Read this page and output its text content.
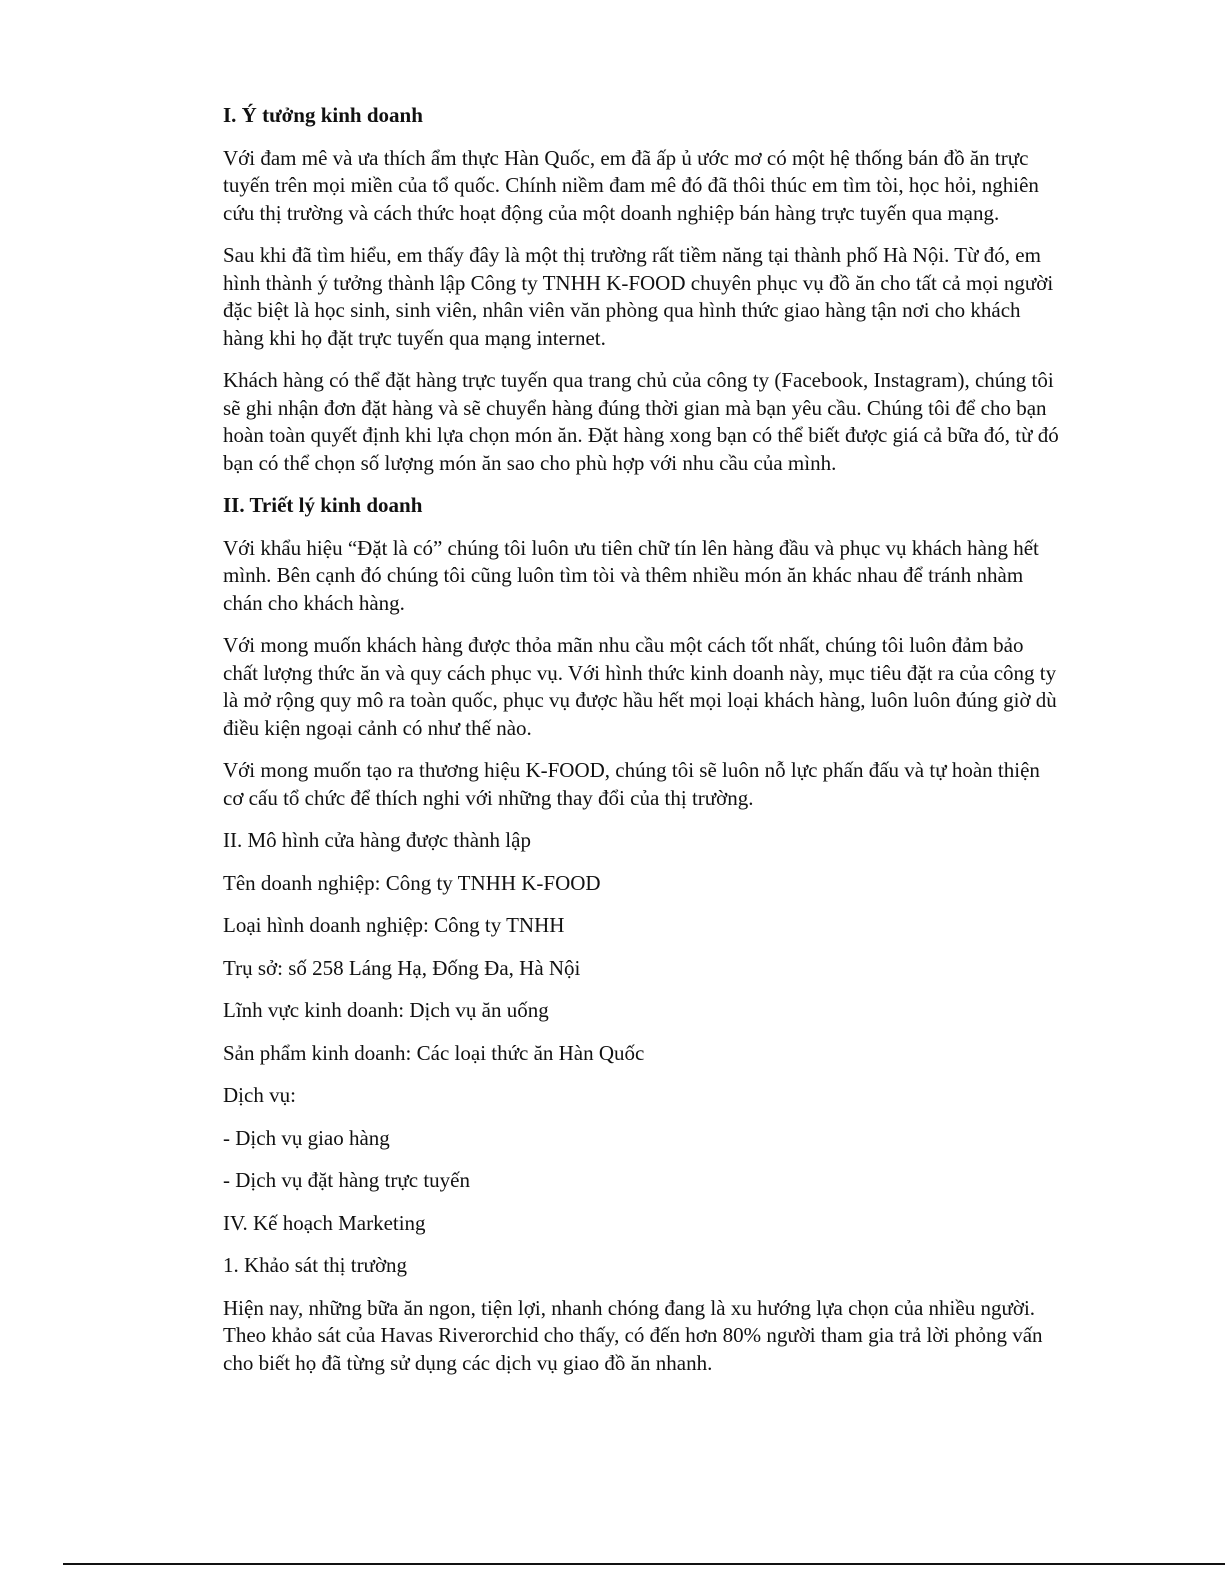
I. Ý tưởng kinh doanh

Với đam mê và ưa thích ẩm thực Hàn Quốc, em đã ấp ủ ước mơ có một hệ thống bán đồ ăn trực tuyến trên mọi miền của tổ quốc. Chính niềm đam mê đó đã thôi thúc em tìm tòi, học hỏi, nghiên cứu thị trường và cách thức hoạt động của một doanh nghiệp bán hàng trực tuyến qua mạng.

Sau khi đã tìm hiểu, em thấy đây là một thị trường rất tiềm năng tại thành phố Hà Nội. Từ đó, em hình thành ý tưởng thành lập Công ty TNHH K-FOOD chuyên phục vụ đồ ăn cho tất cả mọi người đặc biệt là học sinh, sinh viên, nhân viên văn phòng qua hình thức giao hàng tận nơi cho khách hàng khi họ đặt trực tuyến qua mạng internet.

Khách hàng có thể đặt hàng trực tuyến qua trang chủ của công ty (Facebook, Instagram), chúng tôi sẽ ghi nhận đơn đặt hàng và sẽ chuyển hàng đúng thời gian mà bạn yêu cầu. Chúng tôi để cho bạn hoàn toàn quyết định khi lựa chọn món ăn. Đặt hàng xong bạn có thể biết được giá cả bữa đó, từ đó bạn có thể chọn số lượng món ăn sao cho phù hợp với nhu cầu của mình.

II. Triết lý kinh doanh

Với khẩu hiệu “Đặt là có” chúng tôi luôn ưu tiên chữ tín lên hàng đầu và phục vụ khách hàng hết mình. Bên cạnh đó chúng tôi cũng luôn tìm tòi và thêm nhiều món ăn khác nhau để tránh nhàm chán cho khách hàng.

Với mong muốn khách hàng được thỏa mãn nhu cầu một cách tốt nhất, chúng tôi luôn đảm bảo chất lượng thức ăn và quy cách phục vụ. Với hình thức kinh doanh này, mục tiêu đặt ra của công ty là mở rộng quy mô ra toàn quốc, phục vụ được hầu hết mọi loại khách hàng, luôn luôn đúng giờ dù điều kiện ngoại cảnh có như thế nào.

Với mong muốn tạo ra thương hiệu K-FOOD, chúng tôi sẽ luôn nỗ lực phấn đấu và tự hoàn thiện cơ cấu tổ chức để thích nghi với những thay đổi của thị trường.

II. Mô hình cửa hàng được thành lập
Tên doanh nghiệp: Công ty TNHH K-FOOD
Loại hình doanh nghiệp: Công ty TNHH
Trụ sở: số 258 Láng Hạ, Đống Đa, Hà Nội
Lĩnh vực kinh doanh: Dịch vụ ăn uống
Sản phẩm kinh doanh: Các loại thức ăn Hàn Quốc
Dịch vụ:
- Dịch vụ giao hàng
- Dịch vụ đặt hàng trực tuyến
IV. Kế hoạch Marketing
1. Khảo sát thị trường

Hiện nay, những bữa ăn ngon, tiện lợi, nhanh chóng đang là xu hướng lựa chọn của nhiều người. Theo khảo sát của Havas Riverorchid cho thấy, có đến hơn 80% người tham gia trả lời phỏng vấn cho biết họ đã từng sử dụng các dịch vụ giao đồ ăn nhanh.
